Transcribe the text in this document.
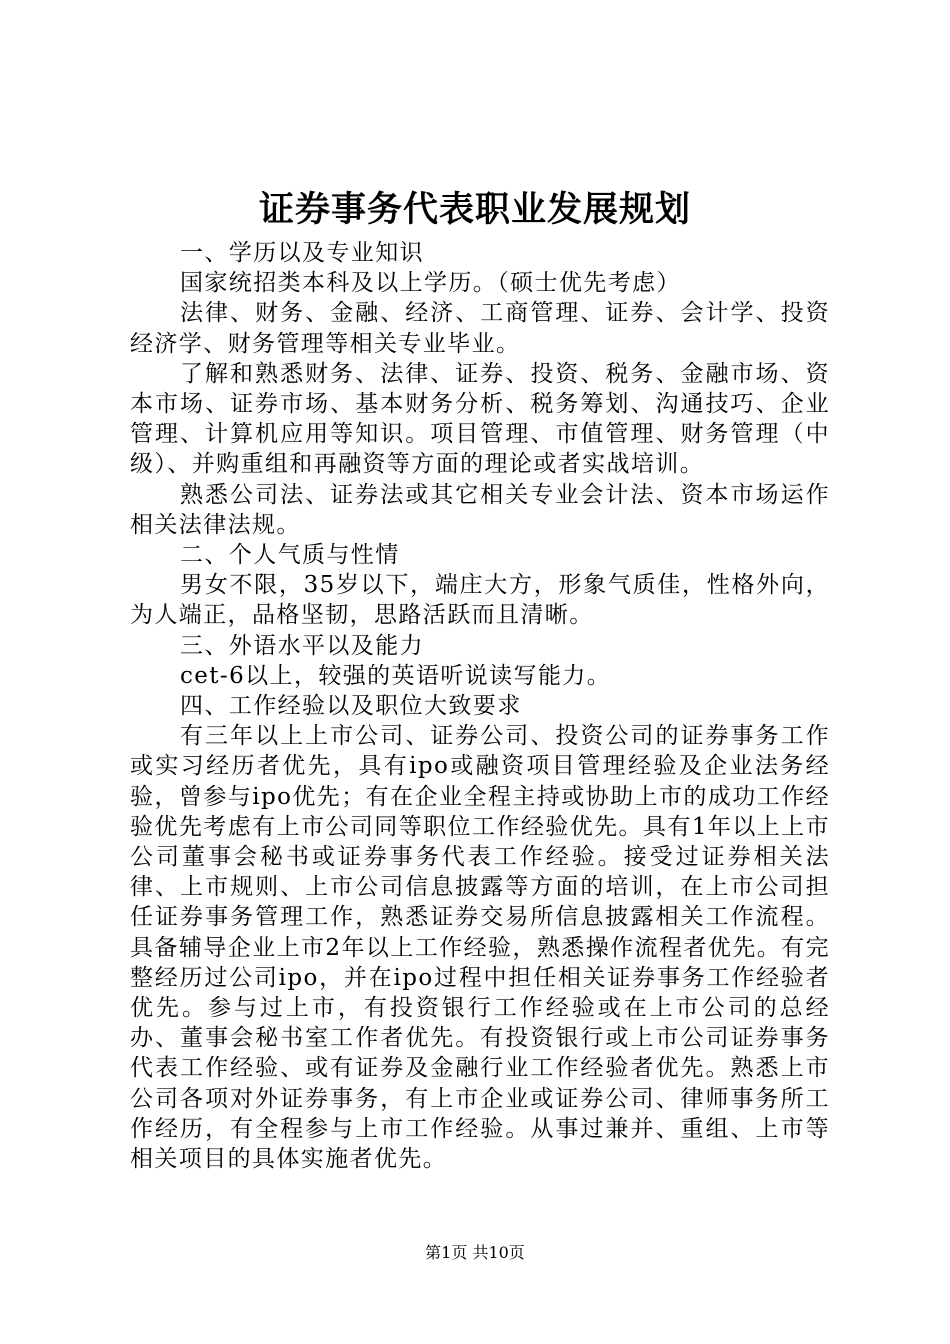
证券事务代表职业发展规划

一、学历以及专业知识

国家统招类本科及以上学历。（硕士优先考虑）

法律、财务、金融、经济、工商管理、证券、会计学、投资经济学、财务管理等相关专业毕业。

了解和熟悉财务、法律、证券、投资、税务、金融市场、资本市场、证券市场、基本财务分析、税务筹划、沟通技巧、企业管理、计算机应用等知识。项目管理、市值管理、财务管理（中级）、并购重组和再融资等方面的理论或者实战培训。

熟悉公司法、证券法或其它相关专业会计法、资本市场运作相关法律法规。

二、个人气质与性情

男女不限，35岁以下，端庄大方，形象气质佳，性格外向，为人端正，品格坚韧，思路活跃而且清晰。

三、外语水平以及能力

cet-6以上，较强的英语听说读写能力。

四、工作经验以及职位大致要求

有三年以上上市公司、证券公司、投资公司的证券事务工作或实习经历者优先，具有ipo或融资项目管理经验及企业法务经验，曾参与ipo优先；有在企业全程主持或协助上市的成功工作经验优先考虑有上市公司同等职位工作经验优先。具有1年以上上市公司董事会秘书或证券事务代表工作经验。接受过证券相关法律、上市规则、上市公司信息披露等方面的培训，在上市公司担任证券事务管理工作，熟悉证券交易所信息披露相关工作流程。具备辅导企业上市2年以上工作经验，熟悉操作流程者优先。有完整经历过公司ipo，并在ipo过程中担任相关证券事务工作经验者优先。参与过上市，有投资银行工作经验或在上市公司的总经办、董事会秘书室工作者优先。有投资银行或上市公司证券事务代表工作经验、或有证券及金融行业工作经验者优先。熟悉上市公司各项对外证券事务，有上市企业或证券公司、律师事务所工作经历，有全程参与上市工作经验。从事过兼并、重组、上市等相关项目的具体实施者优先。

第1页 共10页
